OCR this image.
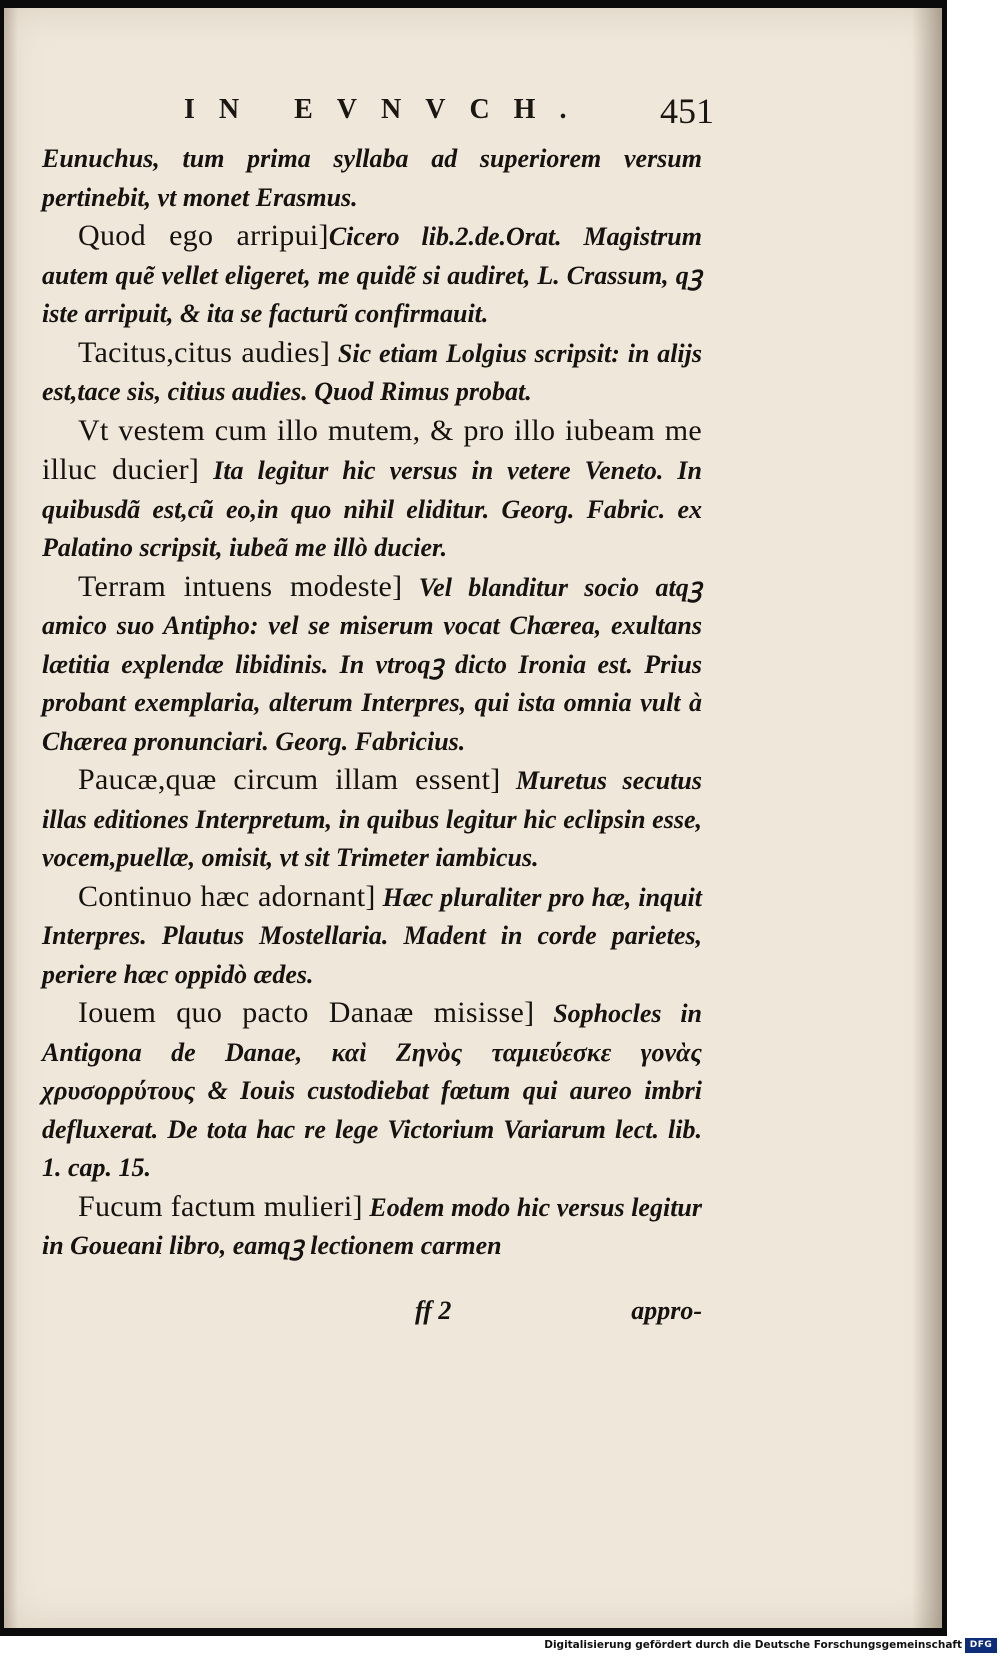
IN EVNVCH. 451

Eunuchus, tum prima syllaba ad superiorem versum pertinebit, vt monet Erasmus.

Quod ego arripui]Cicero lib.2.de.Orat. Magistrum autem quẽ vellet eligeret, me quidẽ si audiret, L. Crassum, qꝫ iste arripuit, & ita se facturũ confirmauit.

Tacitus,citus audies] Sic etiam Lolgius scripsit: in alijs est,tace sis, citius audies. Quod Rimus probat.

Vt vestem cum illo mutem, & pro illo iubeam me illuc ducier] Ita legitur hic versus in vetere Veneto. In quibusdã est,cũ eo,in quo nihil eliditur. Georg. Fabric. ex Palatino scripsit, iubeã me illò ducier.

Terram intuens modeste] Vel blanditur socio atqꝫ amico suo Antipho: vel se miserum vocat Chærea, exultans lætitia explendæ libidinis. In vtroqꝫ dicto Ironia est. Prius probant exemplaria, alterum Interpres, qui ista omnia vult à Chærea pronunciari. Georg. Fabricius.

Paucæ,quæ circum illam essent] Muretus secutus illas editiones Interpretum, in quibus legitur hic eclipsin esse, vocem,puellæ, omisit, vt sit Trimeter iambicus.

Continuo hæc adornant] Hæc pluraliter pro hæ, inquit Interpres. Plautus Mostellaria. Madent in corde parietes, periere hæc oppidò ædes.

Iouem quo pacto Danaæ misisse] Sophocles in Antigona de Danae, καὶ Ζηνὸς ταμιεύεσκε γονὰς χρυσορρύτους & Iouis custodiebat fœtum qui aureo imbri defluxerat. De tota hac re lege Victorium Variarum lect. lib. 1. cap. 15.

Fucum factum mulieri] Eodem modo hic versus legitur in Goueani libro, eamqꝫ lectionem carmen

ff 2	appro-
Digitalisierung gefördert durch die Deutsche Forschungsgemeinschaft DFG
